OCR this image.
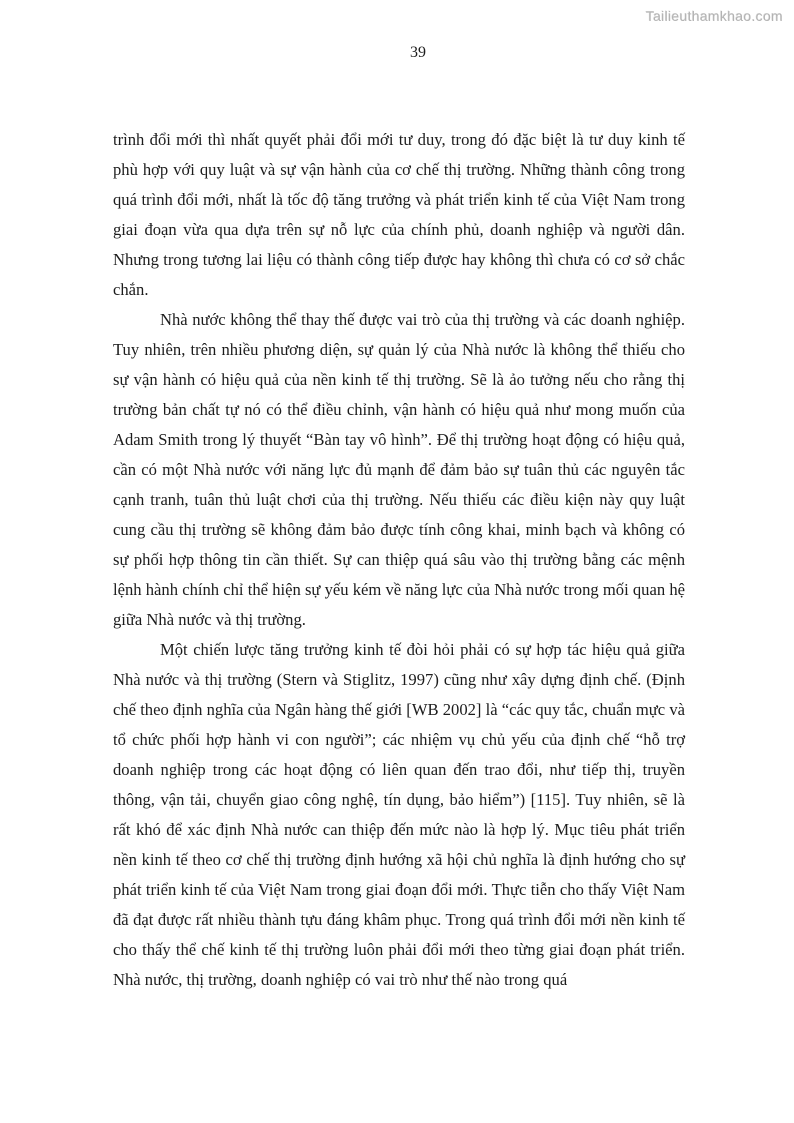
Tailieuthamkhao.com
39

trình đổi mới thì nhất quyết phải đổi mới tư duy, trong đó đặc biệt là tư duy kinh tế phù hợp với quy luật và sự vận hành của cơ chế thị trường. Những thành công trong quá trình đổi mới, nhất là tốc độ tăng trưởng và phát triển kinh tế của Việt Nam trong giai đoạn vừa qua dựa trên sự nỗ lực của chính phủ, doanh nghiệp và người dân. Nhưng trong tương lai liệu có thành công tiếp được hay không thì chưa có cơ sở chắc chắn.

Nhà nước không thể thay thế được vai trò của thị trường và các doanh nghiệp. Tuy nhiên, trên nhiều phương diện, sự quản lý của Nhà nước là không thể thiếu cho sự vận hành có hiệu quả của nền kinh tế thị trường. Sẽ là ảo tưởng nếu cho rằng thị trường bản chất tự nó có thể điều chỉnh, vận hành có hiệu quả như mong muốn của Adam Smith trong lý thuyết “Bàn tay vô hình”. Để thị trường hoạt động có hiệu quả, cần có một Nhà nước với năng lực đủ mạnh để đảm bảo sự tuân thủ các nguyên tắc cạnh tranh, tuân thủ luật chơi của thị trường. Nếu thiếu các điều kiện này quy luật cung cầu thị trường sẽ không đảm bảo được tính công khai, minh bạch và không có sự phối hợp thông tin cần thiết. Sự can thiệp quá sâu vào thị trường bằng các mệnh lệnh hành chính chỉ thể hiện sự yếu kém về năng lực của Nhà nước trong mối quan hệ giữa Nhà nước và thị trường.

Một chiến lược tăng trưởng kinh tế đòi hỏi phải có sự hợp tác hiệu quả giữa Nhà nước và thị trường (Stern và Stiglitz, 1997) cũng như xây dựng định chế. (Định chế theo định nghĩa của Ngân hàng thế giới [WB 2002] là “các quy tắc, chuẩn mực và tổ chức phối hợp hành vi con người”; các nhiệm vụ chủ yếu của định chế “hỗ trợ doanh nghiệp trong các hoạt động có liên quan đến trao đổi, như tiếp thị, truyền thông, vận tải, chuyển giao công nghệ, tín dụng, bảo hiểm”) [115]. Tuy nhiên, sẽ là rất khó để xác định Nhà nước can thiệp đến mức nào là hợp lý. Mục tiêu phát triển nền kinh tế theo cơ chế thị trường định hướng xã hội chủ nghĩa là định hướng cho sự phát triển kinh tế của Việt Nam trong giai đoạn đổi mới. Thực tiễn cho thấy Việt Nam đã đạt được rất nhiều thành tựu đáng khâm phục. Trong quá trình đổi mới nền kinh tế cho thấy thể chế kinh tế thị trường luôn phải đổi mới theo từng giai đoạn phát triển. Nhà nước, thị trường, doanh nghiệp có vai trò như thế nào trong quá
